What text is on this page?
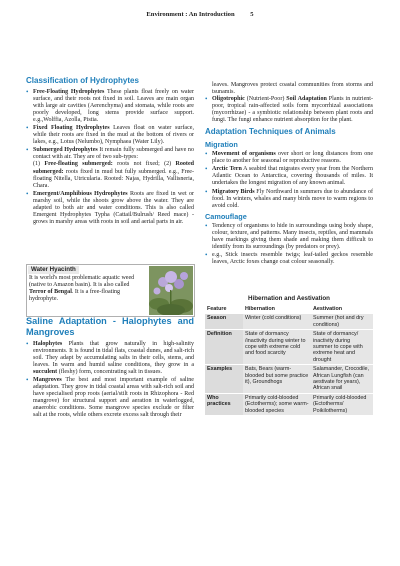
Environment : An Introduction 5
Classification of Hydrophytes
• Free-Floating Hydrophytes These plants float freely on water surface, and their roots not fixed in soil. Leaves are main organ with large air cavities (Aerenchyma) and stomata, while roots are poorly developed, long stems provide surface support. e.g.,Wolffia, Azolla, Pistia.
• Fixed Floating Hydrophytes Leaves float on water surface, while their roots are fixed in the mud at the bottom of rivers or lakes, e.g., Lotus (Nelumbo), Nymphaea (Water Lily).
• Submerged Hydrophytes It remain fully submerged and have no contact with air. They are of two sub-types:
(1) Free-floating submerged: roots not fixed; (2) Rooted submerged: roots fixed in mud but fully submerged. e.g., Free-floating Nitella, Utricularia. Rooted: Najas, Hydrilla, Vallisneria, Chara.
• Emergent/Amphibious Hydrophytes Roots are fixed in wet or marshy soil, while the shoots grow above the water. They are adapted to both air and water conditions. This is also called Emergent Hydrophytes Typha (Cattail/Bulrush/ Reed mace) - grows in marshy areas with roots in soil and aerial parts in air.
Water Hyacinth
It is world's most problematic aquatic weed (native to Amazon basin). It is also called Terror of Bengal. It is a free-floating hydrophyte.
Saline Adaptation - Halophytes and Mangroves
• Halophytes Plants that grow naturally in high-salinity environments. It is found in tidal flats, coastal dunes, and salt-rich soil. They adapt by accumulating salts in their cells, stems, and leaves. In warm and humid saline conditions, they grow in a succulent (fleshy) form, concentrating salt in tissues.
• Mangroves The best and most important example of saline adaptation. They grow in tidal coastal areas with salt-rich soil and have specialised prop roots (aerial/stilt roots in Rhizophora - Red mangrove) for structural support and aeration in waterlogged, anaerobic conditions. Some mangrove species exclude or filter salt at the roots, while others excrete excess salt through their

leaves. Mangroves protect coastal communities from storms and tsunamis.

• Oligotrophic (Nutrient-Poor) Soil Adaptation Plants in nutrient-poor, tropical rain-affected soils form mycorrhizal associations (mycorrhizae) - a symbiotic relationship between plant roots and fungi. The fungi enhance nutrient absorption for the plant.
Adaptation Techniques of Animals
Migration
• Movement of organisms over short or long distances from one place to another for seasonal or reproductive reasons.
• Arctic Tern A seabird that migrates every year from the Northern Atlantic Ocean to Antarctica, covering thousands of miles. It undertakes the longest migration of any known animal.
• Migratory Birds Fly Northward in summers due to abundance of food. In winters, whales and many birds move to warm regions to avoid cold.
Camouflage
• Tendency of organisms to hide in surroundings using body shape, colour, texture, and patterns. Many insects, reptiles, and mammals have markings giving them shade and making them difficult to identify from its surroundings (by predators or prey).
• e.g., Stick insects resemble twigs; leaf-tailed geckos resemble leaves, Arctic foxes change coat colour seasonally.
Hibernation and Aestivation
Feature	Hibernation	Aestivation
Season	Winter (cold conditions)	Summer (hot and dry conditions)
Definition	State of dormancy /inactivity during winter to cope with extreme cold and food scarcity	State of dormancy/ inactivity during summer to cope with extreme heat and drought
Examples	Bats, Bears (warm-blooded but some practice it), Groundhogs	Salamander, Crocodile, African Lungfish (can aestivate for years), African snail
Who practices	Primarily cold-blooded (Ectotherms); some warm-blooded species	Primarily cold-blooded (Ectotherms/ Poikilotherms)
